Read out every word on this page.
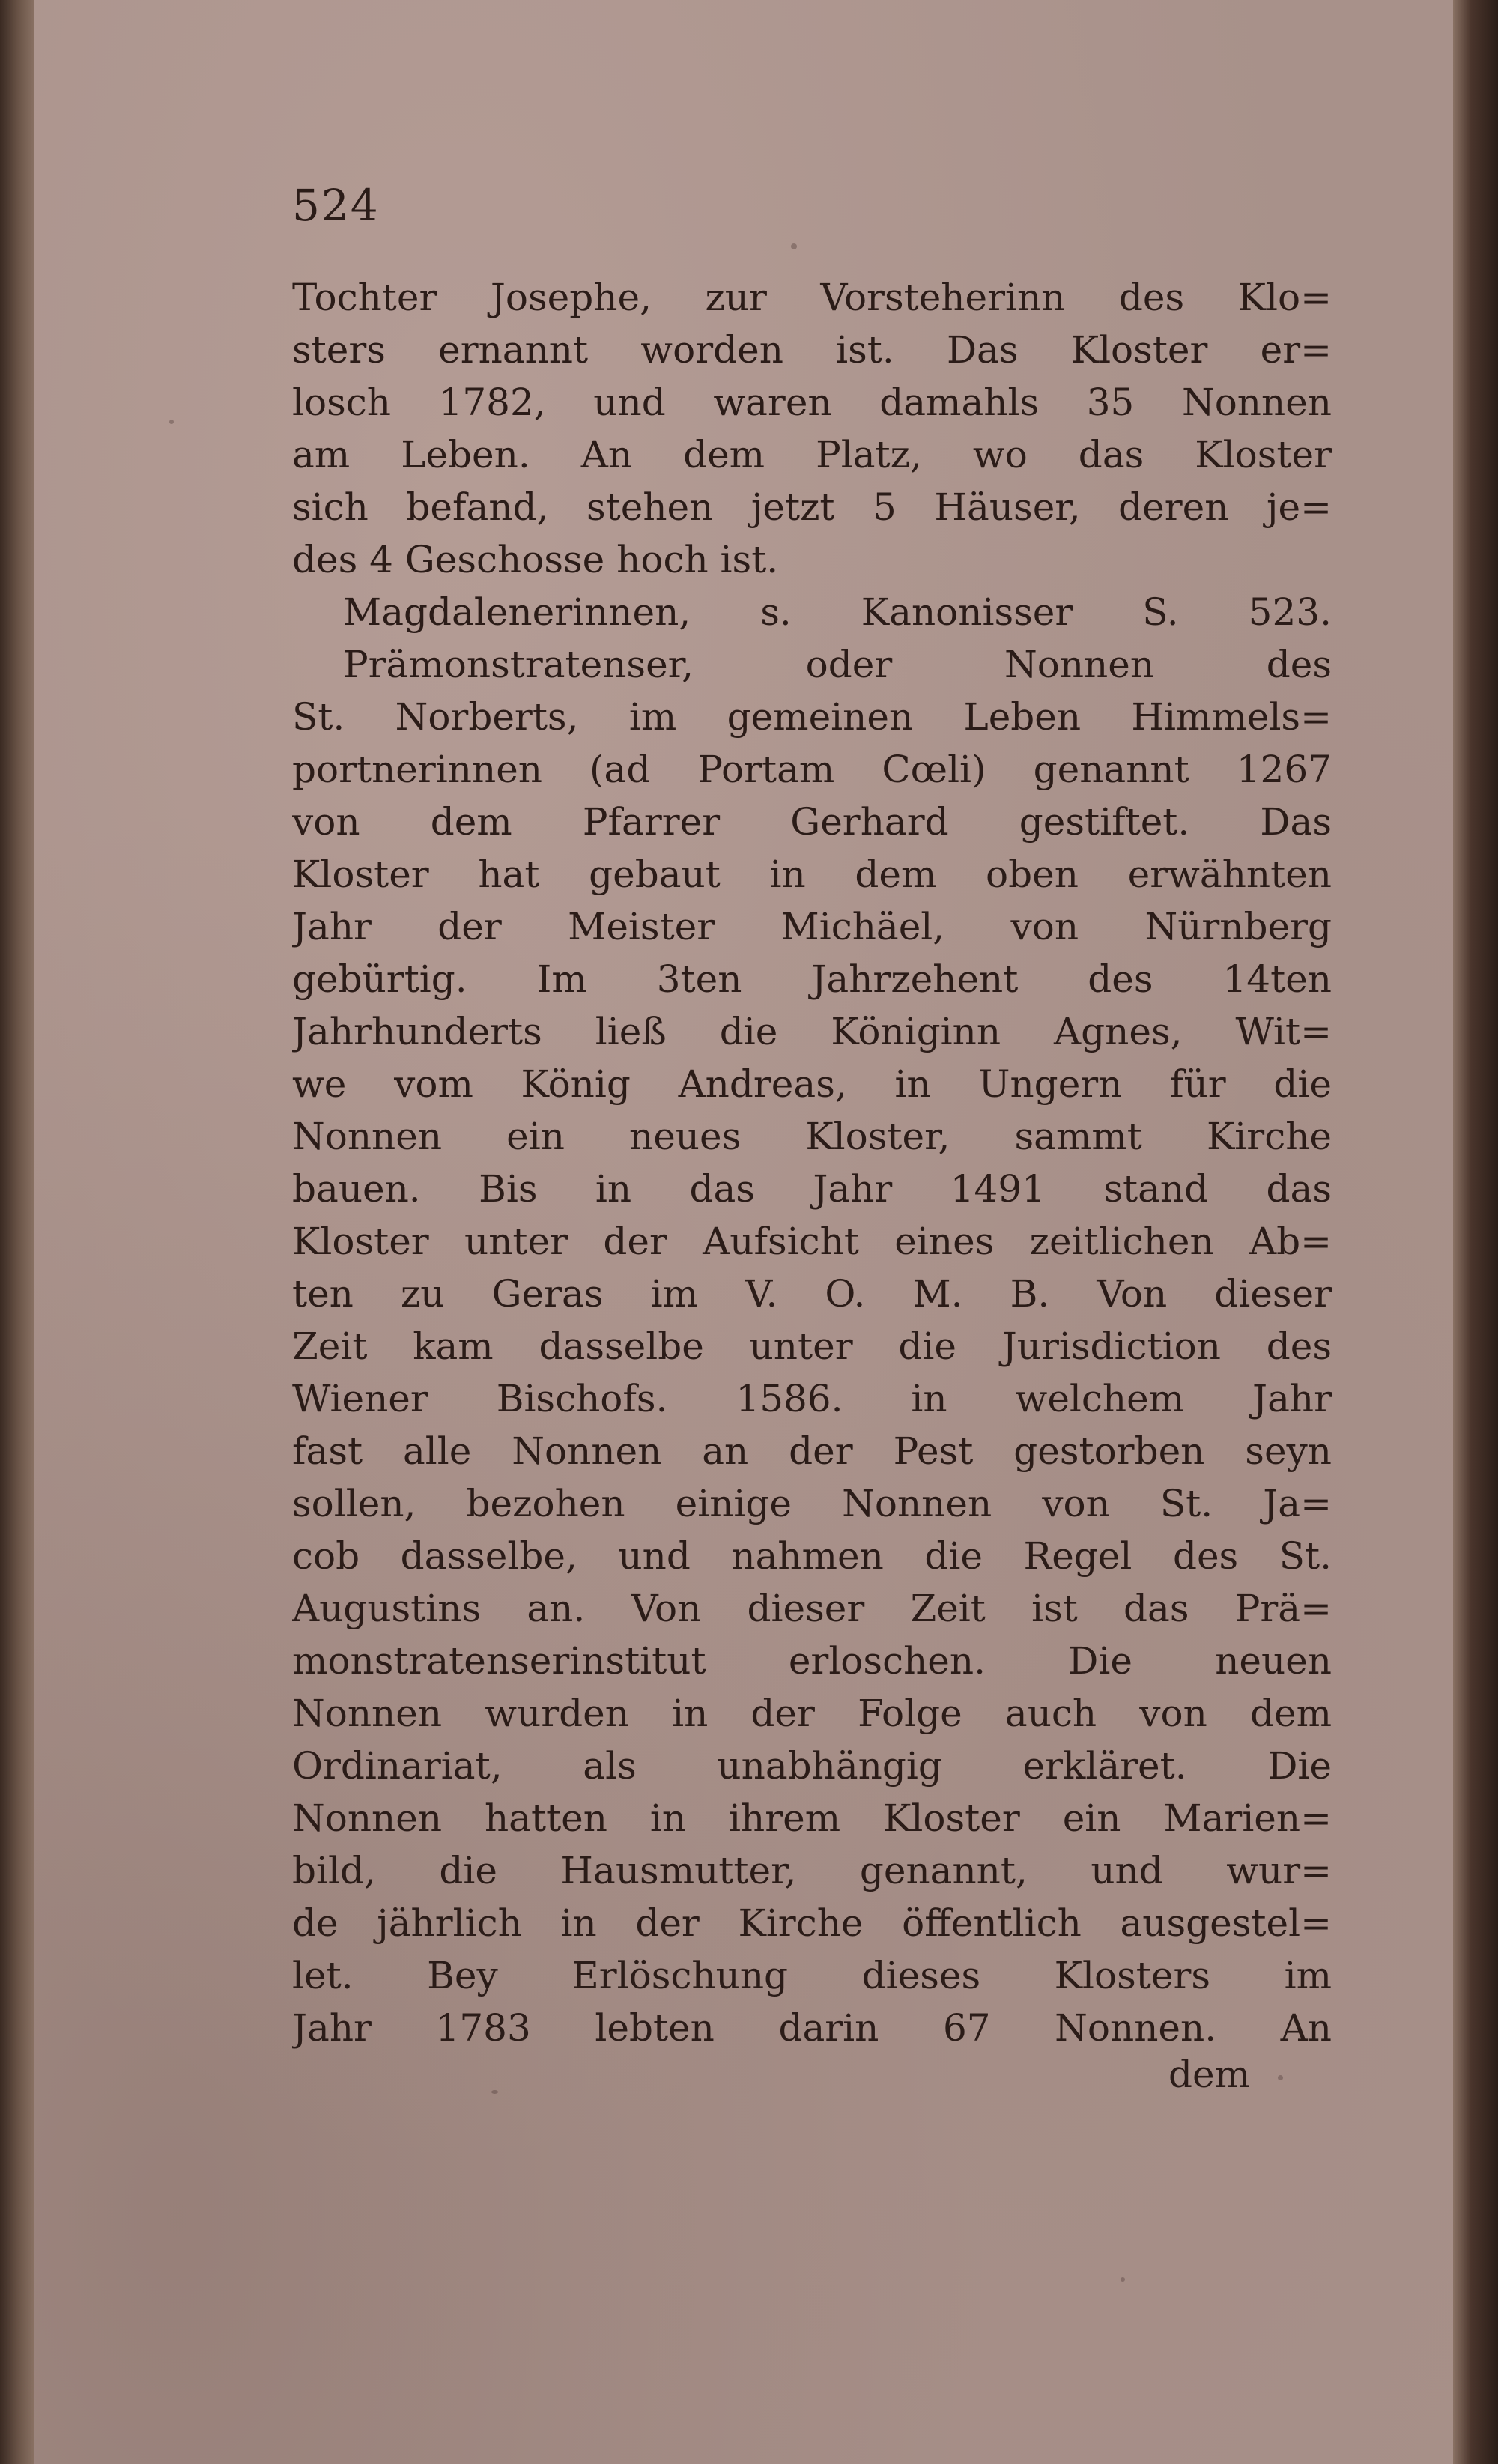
524
Tochter Josephe, zur Vorsteherinn des Klo=
sters ernannt worden ist. Das Kloster er=
losch 1782, und waren damahls 35 Nonnen
am Leben. An dem Platz, wo das Kloster
sich befand, stehen jetzt 5 Häuser, deren je=
des 4 Geschosse hoch ist.
Magdalenerinnen, s. Kanonisser S. 523.
Prämonstratenser, oder Nonnen des
St. Norberts, im gemeinen Leben Himmels=
portnerinnen (ad Portam Cœli) genannt 1267
von dem Pfarrer Gerhard gestiftet. Das
Kloster hat gebaut in dem oben erwähnten
Jahr der Meister Michäel, von Nürnberg
gebürtig. Im 3ten Jahrzehent des 14ten
Jahrhunderts ließ die Königinn Agnes, Wit=
we vom König Andreas, in Ungern für die
Nonnen ein neues Kloster, sammt Kirche
bauen. Bis in das Jahr 1491 stand das
Kloster unter der Aufsicht eines zeitlichen Ab=
ten zu Geras im V. O. M. B. Von dieser
Zeit kam dasselbe unter die Jurisdiction des
Wiener Bischofs. 1586. in welchem Jahr
fast alle Nonnen an der Pest gestorben seyn
sollen, bezohen einige Nonnen von St. Ja=
cob dasselbe, und nahmen die Regel des St.
Augustins an. Von dieser Zeit ist das Prä=
monstratenserinstitut erloschen. Die neuen
Nonnen wurden in der Folge auch von dem
Ordinariat, als unabhängig erkläret. Die
Nonnen hatten in ihrem Kloster ein Marien=
bild, die Hausmutter, genannt, und wur=
de jährlich in der Kirche öffentlich ausgestel=
let. Bey Erlöschung dieses Klosters im
Jahr 1783 lebten darin 67 Nonnen. An
dem
